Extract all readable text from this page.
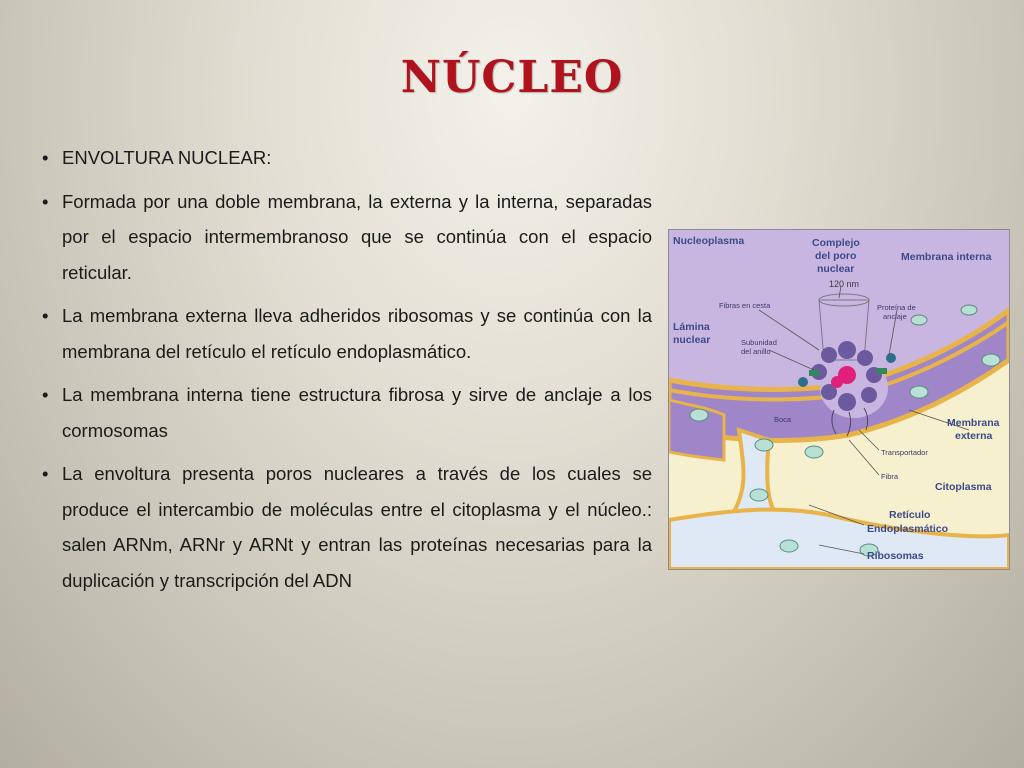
NÚCLEO
• ENVOLTURA NUCLEAR:
• Formada por una doble membrana, la externa y la interna, separadas por el espacio intermembranoso que se continúa con el espacio reticular.
• La membrana externa lleva adheridos ribosomas y se continúa con la membrana del retículo el retículo endoplasmático.
• La membrana interna tiene estructura fibrosa y sirve de anclaje a los cormosomas
• La envoltura presenta poros nucleares a través de los cuales se produce el intercambio de moléculas entre el citoplasma y el núcleo.: salen ARNm, ARNr y ARNt y entran las proteínas necesarias para la duplicación y transcripción del ADN
Nucleoplasma	Complejo
del poro
nuclear
120 nm
Membrana interna
Fibras en cesta	Proteína de
anclaje
Lámina
nuclear	Subunidad
del anillo
Boca	Membrana
externa
Transportador
Fibra
Citoplasma
Retículo
Endoplasmático
Ribosomas
